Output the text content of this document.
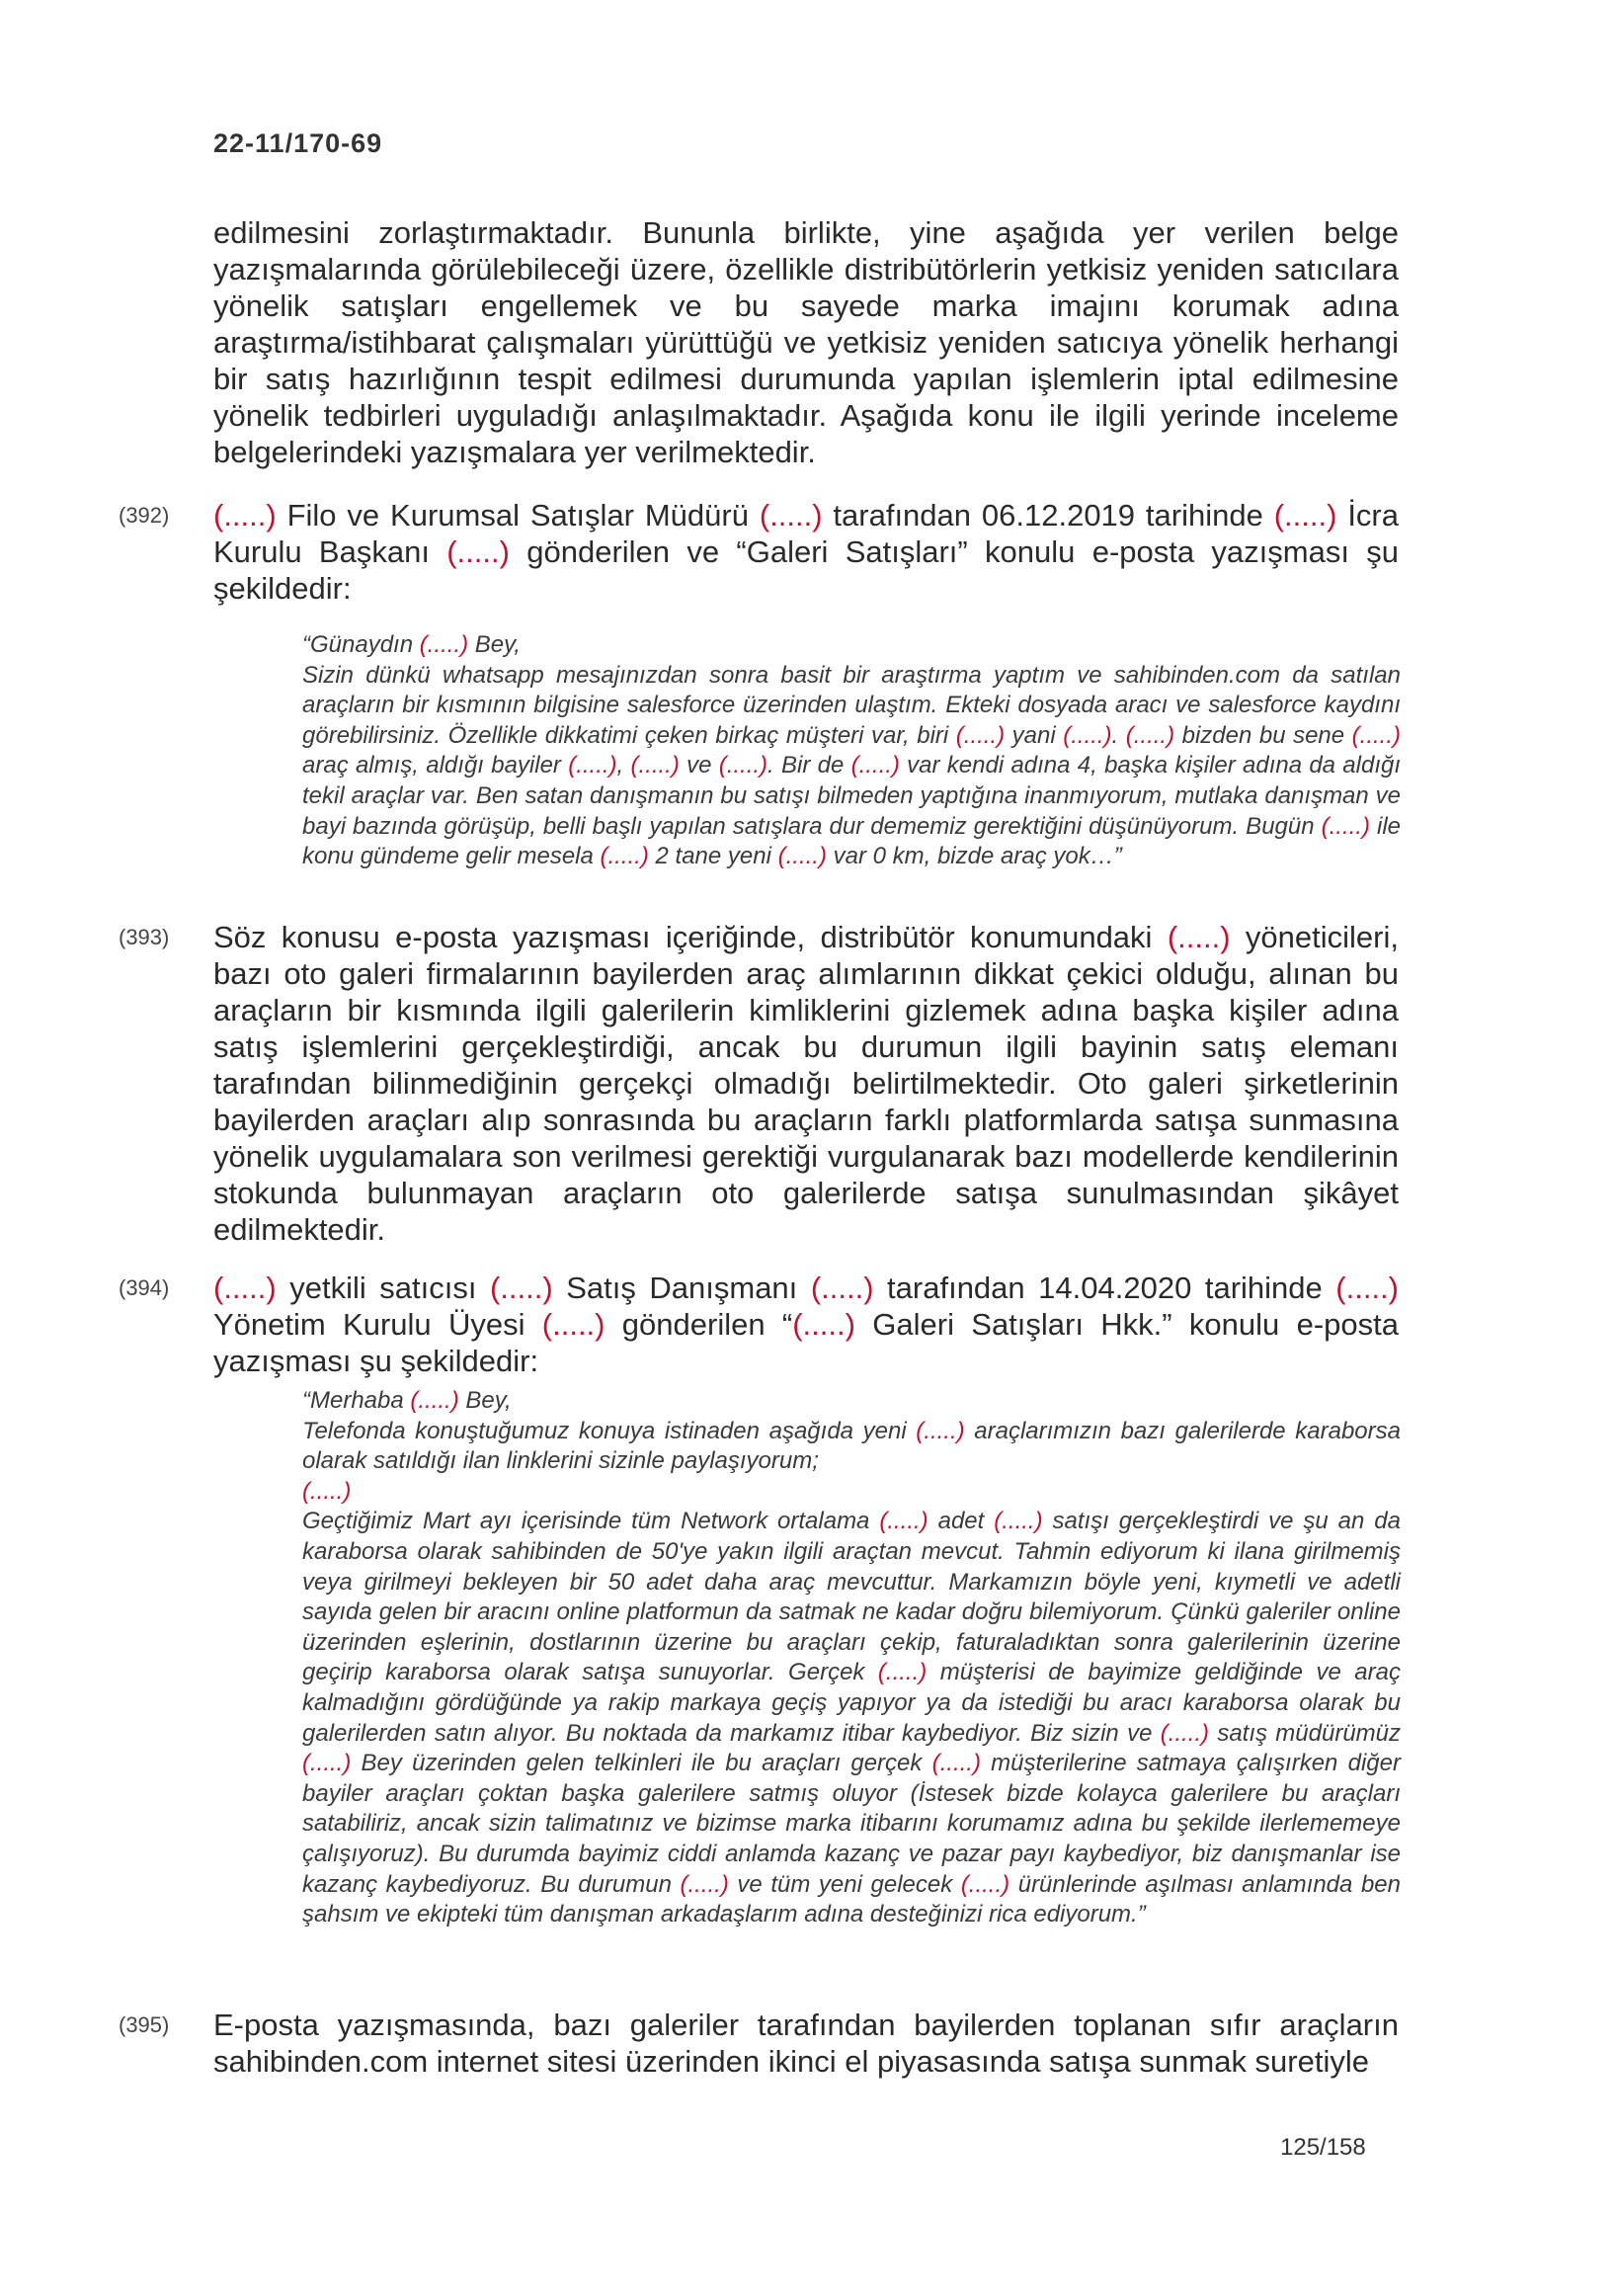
22-11/170-69
edilmesini zorlaştırmaktadır. Bununla birlikte, yine aşağıda yer verilen belge yazışmalarında görülebileceği üzere, özellikle distribütörlerin yetkisiz yeniden satıcılara yönelik satışları engellemek ve bu sayede marka imajını korumak adına araştırma/istihbarat çalışmaları yürüttüğü ve yetkisiz yeniden satıcıya yönelik herhangi bir satış hazırlığının tespit edilmesi durumunda yapılan işlemlerin iptal edilmesine yönelik tedbirleri uyguladığı anlaşılmaktadır. Aşağıda konu ile ilgili yerinde inceleme belgelerindeki yazışmalara yer verilmektedir.
(392) (.....) Filo ve Kurumsal Satışlar Müdürü (.....) tarafından 06.12.2019 tarihinde (.....) İcra Kurulu Başkanı (.....) gönderilen ve “Galeri Satışları” konulu e-posta yazışması şu şekildedir:
“Günaydın (.....) Bey,
Sizin dünkü whatsapp mesajınızdan sonra basit bir araştırma yaptım ve sahibinden.com da satılan araçların bir kısmının bilgisine salesforce üzerinden ulaştım. Ekteki dosyada aracı ve salesforce kaydını görebilirsiniz. Özellikle dikkatimi çeken birkaç müşteri var, biri (.....) yani (.....). (.....) bizden bu sene (.....) araç almış, aldığı bayiler (.....), (.....) ve (.....). Bir de (.....) var kendi adına 4, başka kişiler adına da aldığı tekil araçlar var. Ben satan danışmanın bu satışı bilmeden yaptığına inanmıyorum, mutlaka danışman ve bayi bazında görüşüp, belli başlı yapılan satışlara dur dememiz gerektiğini düşünüyorum. Bugün (.....) ile konu gündeme gelir mesela (.....) 2 tane yeni (.....) var 0 km, bizde araç yok…”
(393) Söz konusu e-posta yazışması içeriğinde, distribütör konumundaki (.....) yöneticileri, bazı oto galeri firmalarının bayilerden araç alımlarının dikkat çekici olduğu, alınan bu araçların bir kısmında ilgili galerilerin kimliklerini gizlemek adına başka kişiler adına satış işlemlerini gerçekleştirdiği, ancak bu durumun ilgili bayinin satış elemanı tarafından bilinmediğinin gerçekçi olmadığı belirtilmektedir. Oto galeri şirketlerinin bayilerden araçları alıp sonrasında bu araçların farklı platformlarda satışa sunmasına yönelik uygulamalara son verilmesi gerektiği vurgulanarak bazı modellerde kendilerinin stokunda bulunmayan araçların oto galerilerde satışa sunulmasından şikâyet edilmektedir.
(394) (.....) yetkili satıcısı (.....) Satış Danışmanı (.....) tarafından 14.04.2020 tarihinde (.....) Yönetim Kurulu Üyesi (.....) gönderilen “(.....) Galeri Satışları Hkk.” konulu e-posta yazışması şu şekildedir:
“Merhaba (.....) Bey,
Telefonda konuştuğumuz konuya istinaden aşağıda yeni (.....) araçlarımızın bazı galerilerde karaborsa olarak satıldığı ilan linklerini sizinle paylaşıyorum;
(.....)
Geçtiğimiz Mart ayı içerisinde tüm Network ortalama (.....) adet (.....) satışı gerçekleştirdi ve şu an da karaborsa olarak sahibinden de 50'ye yakın ilgili araçtan mevcut. Tahmin ediyorum ki ilana girilmemiş veya girilmeyi bekleyen bir 50 adet daha araç mevcuttur. Markamızın böyle yeni, kıymetli ve adetli sayıda gelen bir aracını online platformun da satmak ne kadar doğru bilemiyorum. Çünkü galeriler online üzerinden eşlerinin, dostlarının üzerine bu araçları çekip, faturaladıktan sonra galerilerinin üzerine geçirip karaborsa olarak satışa sunuyorlar. Gerçek (.....) müşterisi de bayimize geldiğinde ve araç kalmadığını gördüğünde ya rakip markaya geçiş yapıyor ya da istediği bu aracı karaborsa olarak bu galerilerden satın alıyor. Bu noktada da markamız itibar kaybediyor. Biz sizin ve (.....) satış müdürümüz (.....) Bey üzerinden gelen telkinleri ile bu araçları gerçek (.....) müşterilerine satmaya çalışırken diğer bayiler araçları çoktan başka galerilere satmış oluyor (İstesek bizde kolayca galerilere bu araçları satabiliriz, ancak sizin talimatınız ve bizimse marka itibarını korumamız adına bu şekilde ilerlememeye çalışıyoruz). Bu durumda bayimiz ciddi anlamda kazanç ve pazar payı kaybediyor, biz danışmanlar ise kazanç kaybediyoruz. Bu durumun (.....) ve tüm yeni gelecek (.....) ürünlerinde aşılması anlamında ben şahsım ve ekipteki tüm danışman arkadaşlarım adına desteğinizi rica ediyorum.”
(395) E-posta yazışmasında, bazı galeriler tarafından bayilerden toplanan sıfır araçların sahibinden.com internet sitesi üzerinden ikinci el piyasasında satışa sunmak suretiyle
125/158
